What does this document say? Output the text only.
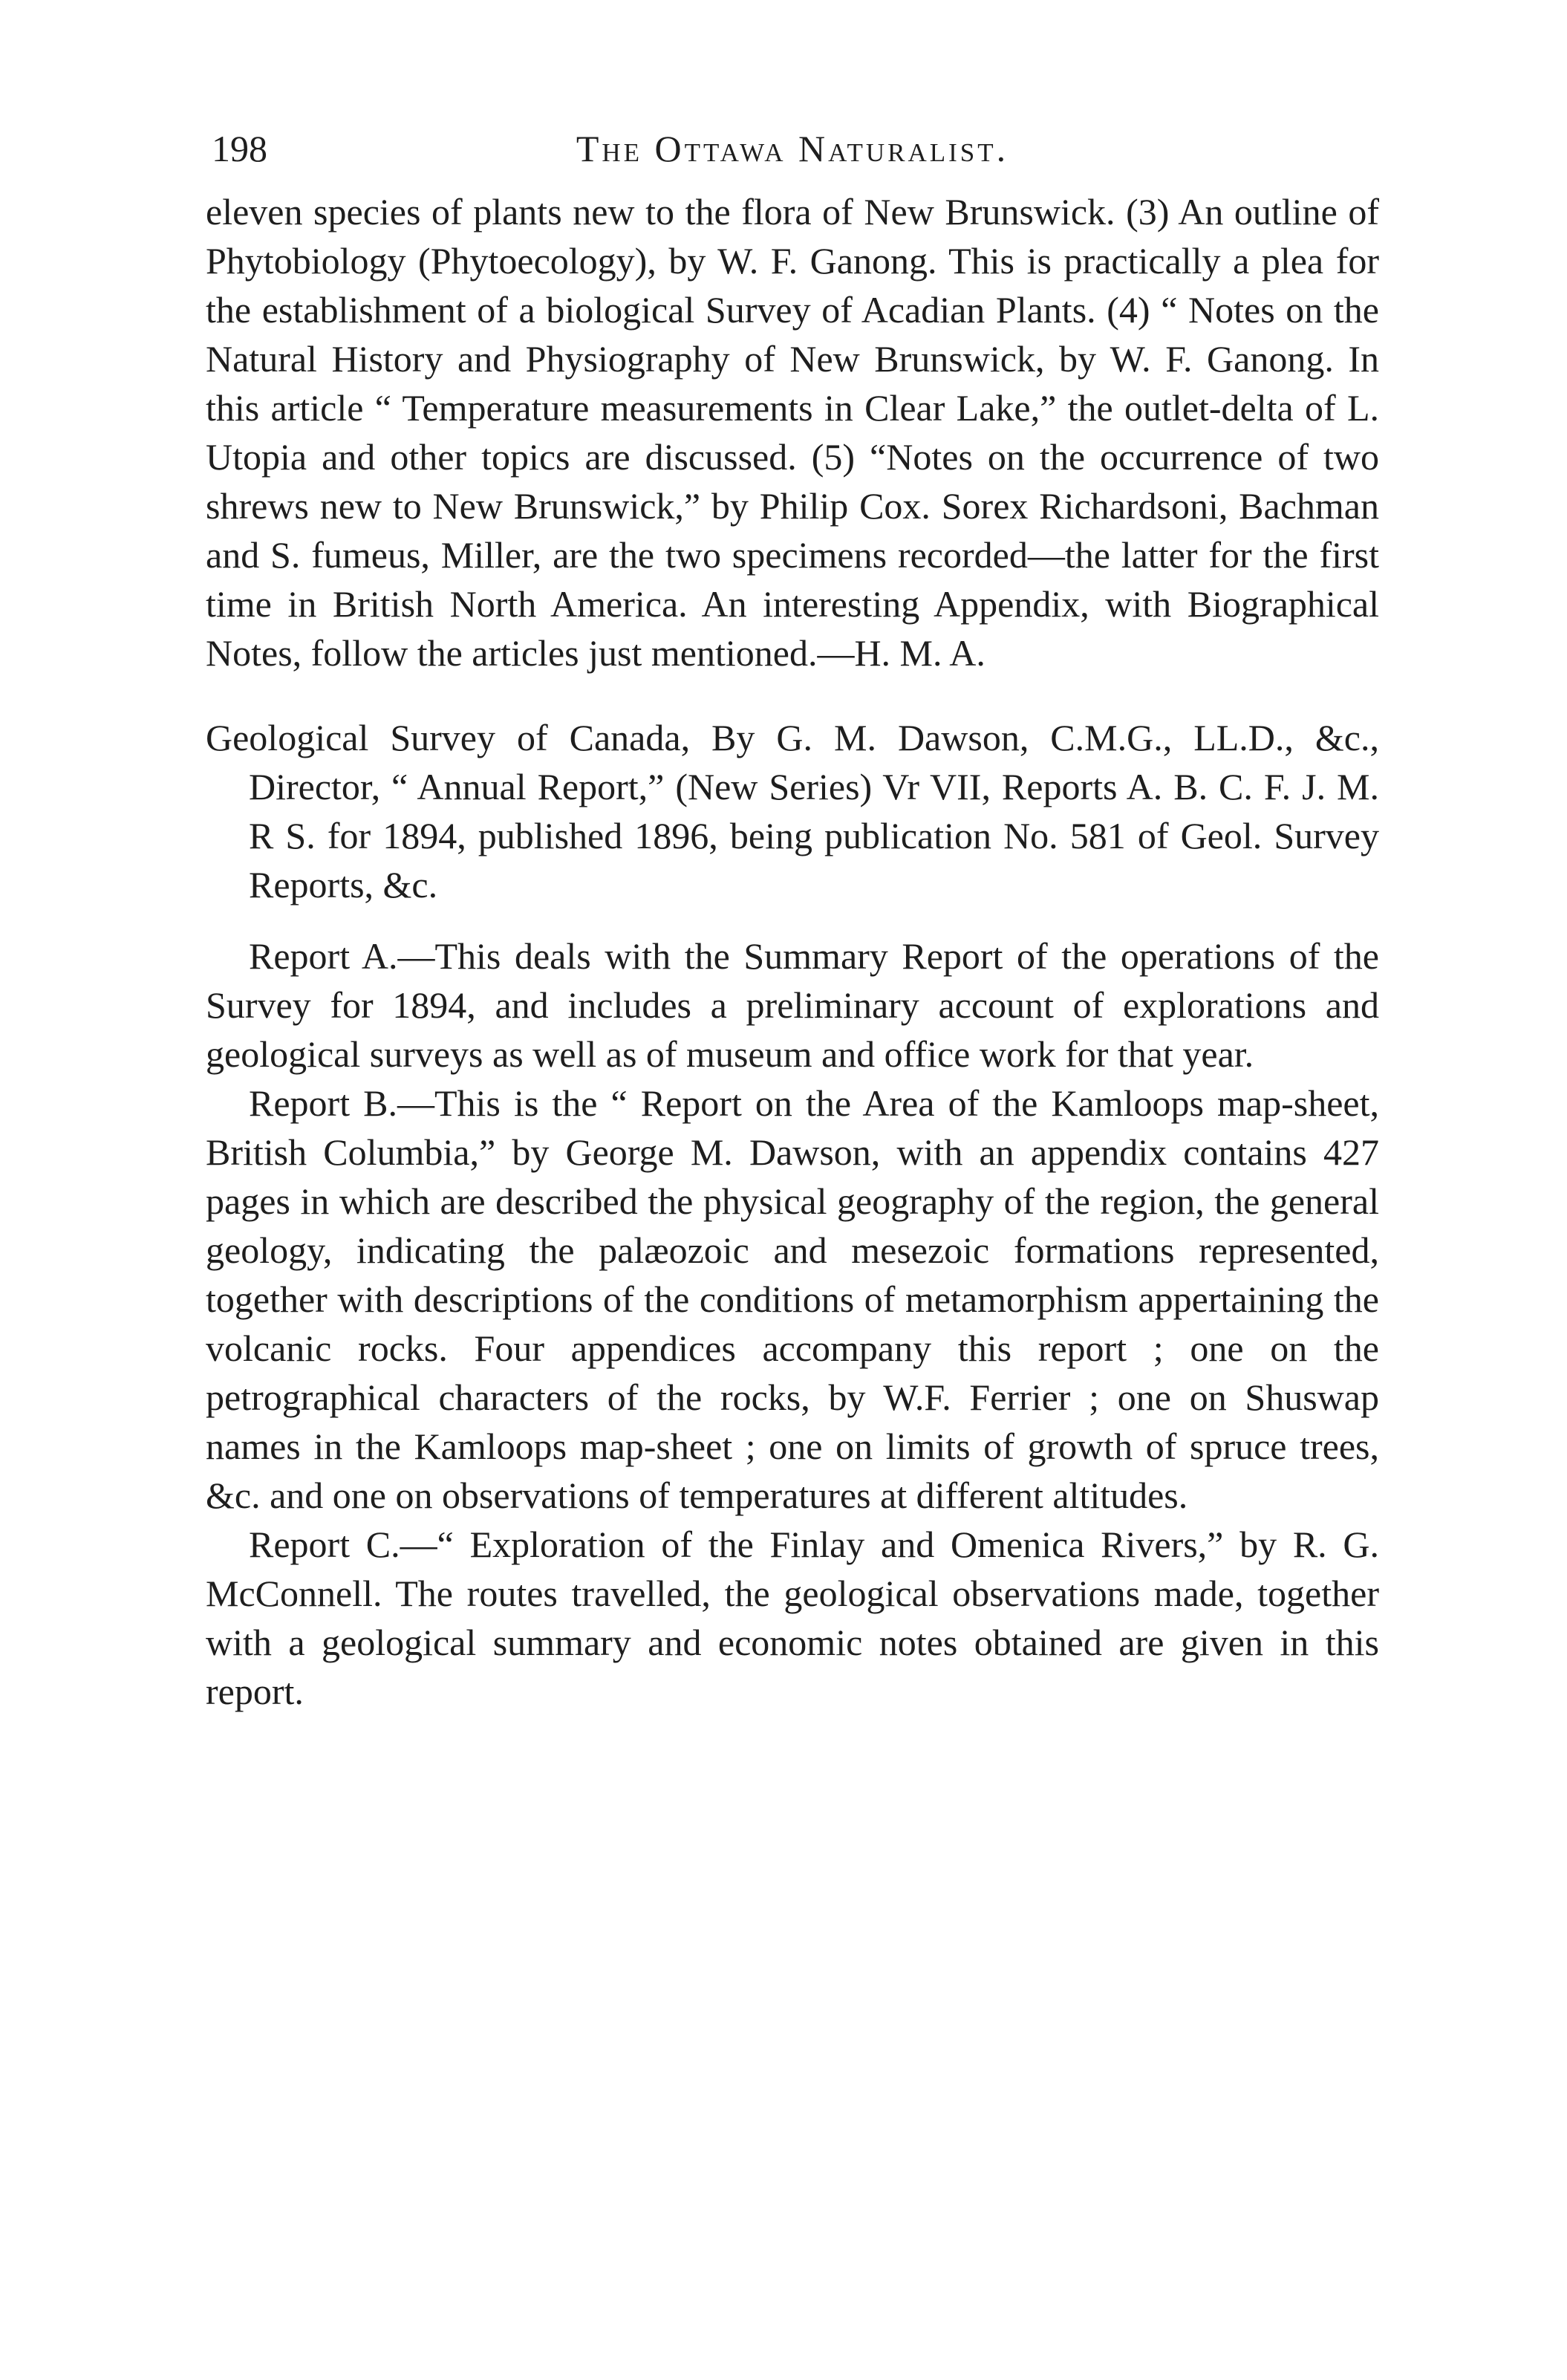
198	The Ottawa Naturalist.

eleven species of plants new to the flora of New Brunswick. (3) An outline of Phytobiology (Phytoecology), by W. F. Ganong. This is practically a plea for the establishment of a biological Survey of Acadian Plants. (4) “ Notes on the Natural History and Physiography of New Brunswick, by W. F. Ganong. In this article “ Temperature measurements in Clear Lake,” the outlet-delta of L. Utopia and other topics are discussed. (5) “Notes on the occurrence of two shrews new to New Brunswick,” by Philip Cox. Sorex Richardsoni, Bachman and S. fumeus, Miller, are the two specimens recorded—the latter for the first time in British North America. An interesting Appendix, with Biographical Notes, follow the articles just mentioned.—H. M. A.

Geological Survey of Canada, By G. M. Dawson, C.M.G., LL.D., &c., Director, “ Annual Report,” (New Series) Vr VII, Reports A. B. C. F. J. M. R S. for 1894, published 1896, being publication No. 581 of Geol. Survey Reports, &c.

Report A.—This deals with the Summary Report of the operations of the Survey for 1894, and includes a preliminary account of explorations and geological surveys as well as of museum and office work for that year.

Report B.—This is the “ Report on the Area of the Kamloops map-sheet, British Columbia,” by George M. Dawson, with an appendix contains 427 pages in which are described the physical geography of the region, the general geology, indicating the palæozoic and mesezoic formations represented, together with descriptions of the conditions of metamorphism appertaining the volcanic rocks. Four appendices accompany this report ; one on the petrographical characters of the rocks, by W.F. Ferrier ; one on Shuswap names in the Kamloops map-sheet ; one on limits of growth of spruce trees, &c. and one on observations of temperatures at different altitudes.

Report C.—“ Exploration of the Finlay and Omenica Rivers,” by R. G. McConnell. The routes travelled, the geological observations made, together with a geological summary and economic notes obtained are given in this report.
